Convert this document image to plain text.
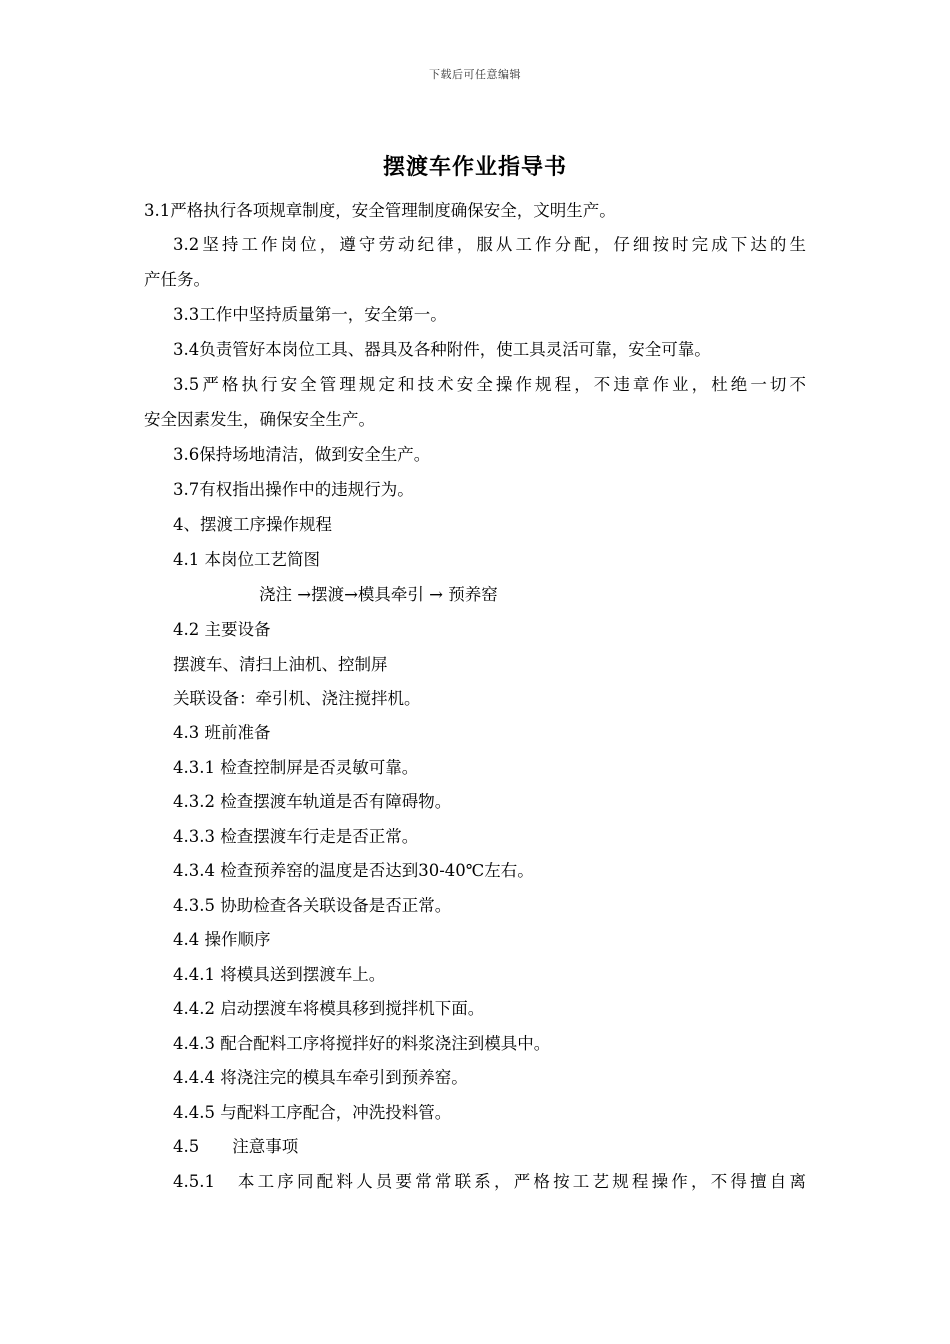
下载后可任意编辑
摆渡车作业指导书
3.1严格执行各项规章制度，安全管理制度确保安全，文明生产。
3.2坚持工作岗位，遵守劳动纪律，服从工作分配，仔细按时完成下达的生
产任务。
3.3工作中坚持质量第一，安全第一。
3.4负责管好本岗位工具、器具及各种附件，使工具灵活可靠，安全可靠。
3.5严格执行安全管理规定和技术安全操作规程，不违章作业，杜绝一切不
安全因素发生，确保安全生产。
3.6保持场地清洁，做到安全生产。
3.7有权指出操作中的违规行为。
4、摆渡工序操作规程
4.1 本岗位工艺简图
浇注 →摆渡→模具牵引 → 预养窑
4.2 主要设备
摆渡车、清扫上油机、控制屏
关联设备：牵引机、浇注搅拌机。
4.3 班前准备
4.3.1 检查控制屏是否灵敏可靠。
4.3.2 检查摆渡车轨道是否有障碍物。
4.3.3 检查摆渡车行走是否正常。
4.3.4 检查预养窑的温度是否达到30-40℃左右。
4.3.5 协助检查各关联设备是否正常。
4.4 操作顺序
4.4.1 将模具送到摆渡车上。
4.4.2 启动摆渡车将模具移到搅拌机下面。
4.4.3 配合配料工序将搅拌好的料浆浇注到模具中。
4.4.4 将浇注完的模具车牵引到预养窑。
4.4.5 与配料工序配合，冲洗投料管。
4.5　　注意事项
4.5.1　本工序同配料人员要常常联系，严格按工艺规程操作，不得擅自离
